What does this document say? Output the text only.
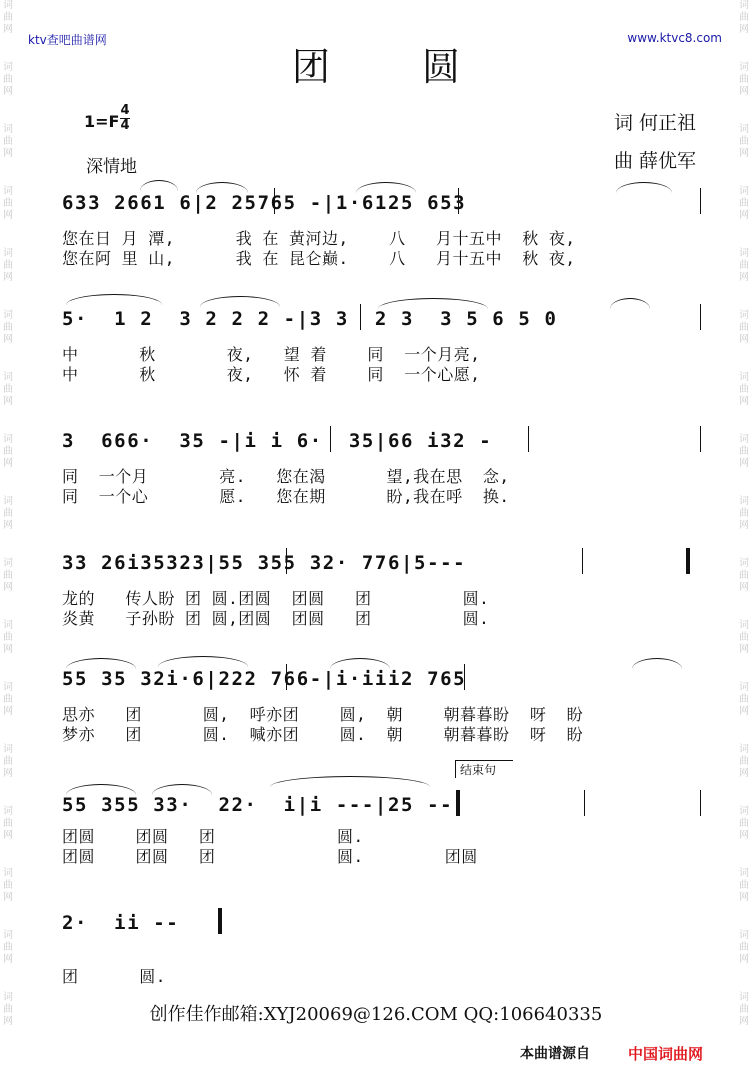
词
曲
网
词
曲
网
词
曲
网
词
曲
网
词
曲
网
词
曲
网
词
曲
网
词
曲
网
词
曲
网
词
曲
网
词
曲
网
词
曲
网
词
曲
网
词
曲
网
词
曲
网
词
曲
网
词
曲
网
词
曲
网
词
曲
网
词
曲
网
词
曲
网
词
曲
网
词
曲
网
词
曲
网
词
曲
网
词
曲
网
词
曲
网
词
曲
网
词
曲
网
词
曲
网
词
曲
网
词
曲
网
词
曲
网
词
曲
网
ktv查吧曲谱网	www.ktvc8.com
团 圆
1=F
4
4
深情地
词 何正祖
曲 薛优军
633 2661 6|2 25765 -|1·6125 653
您在日 月 潭,      我 在 黄河边,    八   月十五中  秋 夜,
您在阿 里 山,      我 在 昆仑巅.    八   月十五中  秋 夜,
5·  1 2  3 2 2 2 -|3 3  2 3  3 5 6 5 0
中      秋       夜,   望 着    同  一个月亮,
中      秋       夜,   怀 着    同  一个心愿,
3  666·  35 -|i i 6·  35|66 i32 -
同  一个月       亮.   您在渴      望,我在思  念,
同  一个心       愿.   您在期      盼,我在呼  换.
33 26i35323|55 355 32· 776|5---
龙的   传人盼 团 圆.团圆  团圆   团         圆.
炎黄   子孙盼 团 圆,团圆  团圆   团         圆.
55 35 32i·6|222 766-|i·iii2 765
思亦   团      圆,  呼亦团    圆,  朝    朝暮暮盼  呀  盼
梦亦   团      圆.  喊亦团    圆.  朝    朝暮暮盼  呀  盼
结束句
55 355 33·  22·  i|i ---|25 --
团圆    团圆   团            圆.
团圆    团圆   团            圆.        团圆
2·  ii --
团      圆.
创作佳作邮箱:XYJ20069@126.COM QQ:106640335
本曲谱源自	中国词曲网
